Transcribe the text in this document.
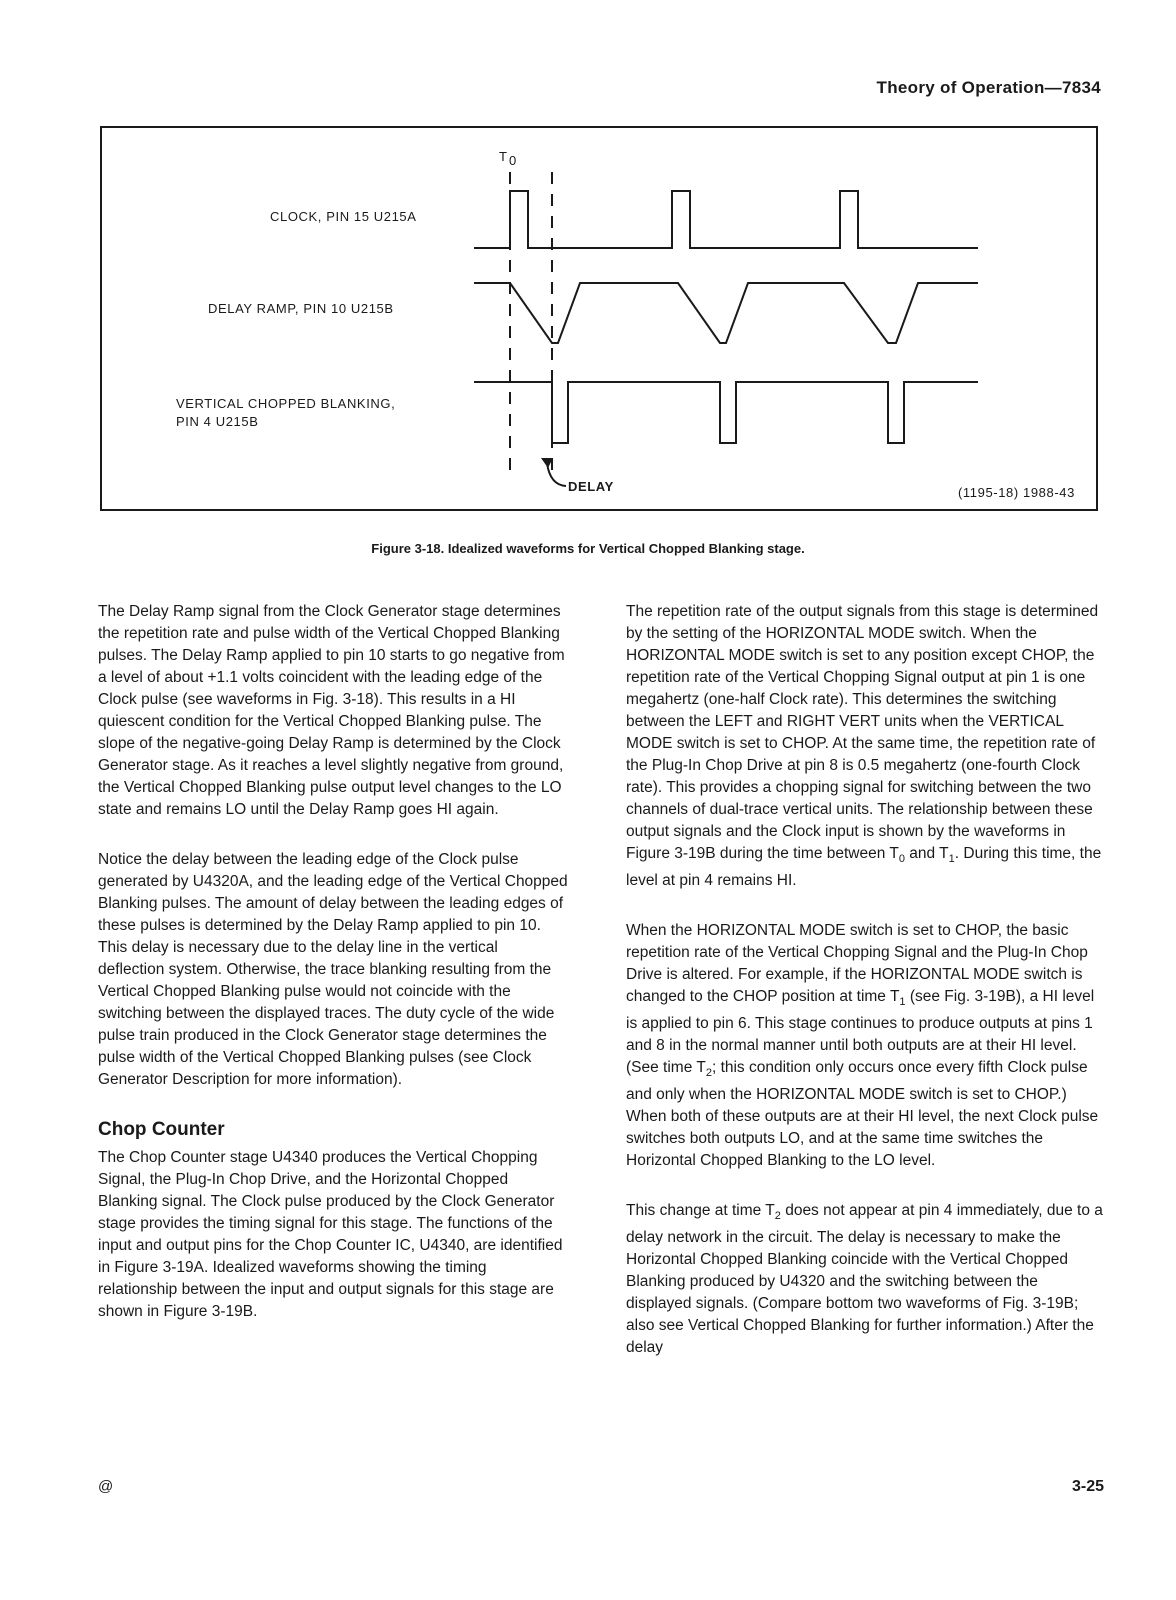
Theory of Operation—7834
T 0
CLOCK, PIN 15 U215A
DELAY RAMP, PIN 10 U215B
VERTICAL CHOPPED BLANKING,
PIN 4 U215B
DELAY	(1195-18) 1988-43
Figure 3-18. Idealized waveforms for Vertical Chopped Blanking stage.

The Delay Ramp signal from the Clock Generator stage determines the repetition rate and pulse width of the Vertical Chopped Blanking pulses. The Delay Ramp applied to pin 10 starts to go negative from a level of about +1.1 volts coincident with the leading edge of the Clock pulse (see waveforms in Fig. 3-18). This results in a HI quiescent condition for the Vertical Chopped Blanking pulse. The slope of the negative-going Delay Ramp is determined by the Clock Generator stage. As it reaches a level slightly negative from ground, the Vertical Chopped Blanking pulse output level changes to the LO state and remains LO until the Delay Ramp goes HI again.

Notice the delay between the leading edge of the Clock pulse generated by U4320A, and the leading edge of the Vertical Chopped Blanking pulses. The amount of delay between the leading edges of these pulses is determined by the Delay Ramp applied to pin 10. This delay is necessary due to the delay line in the vertical deflection system. Otherwise, the trace blanking resulting from the Vertical Chopped Blanking pulse would not coincide with the switching between the displayed traces. The duty cycle of the wide pulse train produced in the Clock Generator stage determines the pulse width of the Vertical Chopped Blanking pulses (see Clock Generator Description for more information).

Chop Counter

The Chop Counter stage U4340 produces the Vertical Chopping Signal, the Plug-In Chop Drive, and the Horizontal Chopped Blanking signal. The Clock pulse produced by the Clock Generator stage provides the timing signal for this stage. The functions of the input and output pins for the Chop Counter IC, U4340, are identified in Figure 3-19A. Idealized waveforms showing the timing relationship between the input and output signals for this stage are shown in Figure 3-19B.

The repetition rate of the output signals from this stage is determined by the setting of the HORIZONTAL MODE switch. When the HORIZONTAL MODE switch is set to any position except CHOP, the repetition rate of the Vertical Chopping Signal output at pin 1 is one megahertz (one-half Clock rate). This determines the switching between the LEFT and RIGHT VERT units when the VERTICAL MODE switch is set to CHOP. At the same time, the repetition rate of the Plug-In Chop Drive at pin 8 is 0.5 megahertz (one-fourth Clock rate). This provides a chopping signal for switching between the two channels of dual-trace vertical units. The relationship between these output signals and the Clock input is shown by the waveforms in Figure 3-19B during the time between $T_0$ and $T_1$. During this time, the level at pin 4 remains HI.

When the HORIZONTAL MODE switch is set to CHOP, the basic repetition rate of the Vertical Chopping Signal and the Plug-In Chop Drive is altered. For example, if the HORIZONTAL MODE switch is changed to the CHOP position at time $T_1$ (see Fig. 3-19B), a HI level is applied to pin 6. This stage continues to produce outputs at pins 1 and 8 in the normal manner until both outputs are at their HI level. (See time $T_2$; this condition only occurs once every fifth Clock pulse and only when the HORIZONTAL MODE switch is set to CHOP.) When both of these outputs are at their HI level, the next Clock pulse switches both outputs LO, and at the same time switches the Horizontal Chopped Blanking to the LO level.

This change at time $T_2$ does not appear at pin 4 immediately, due to a delay network in the circuit. The delay is necessary to make the Horizontal Chopped Blanking coincide with the Vertical Chopped Blanking produced by U4320 and the switching between the displayed signals. (Compare bottom two waveforms of Fig. 3-19B; also see Vertical Chopped Blanking for further information.) After the delay

@	3-25
